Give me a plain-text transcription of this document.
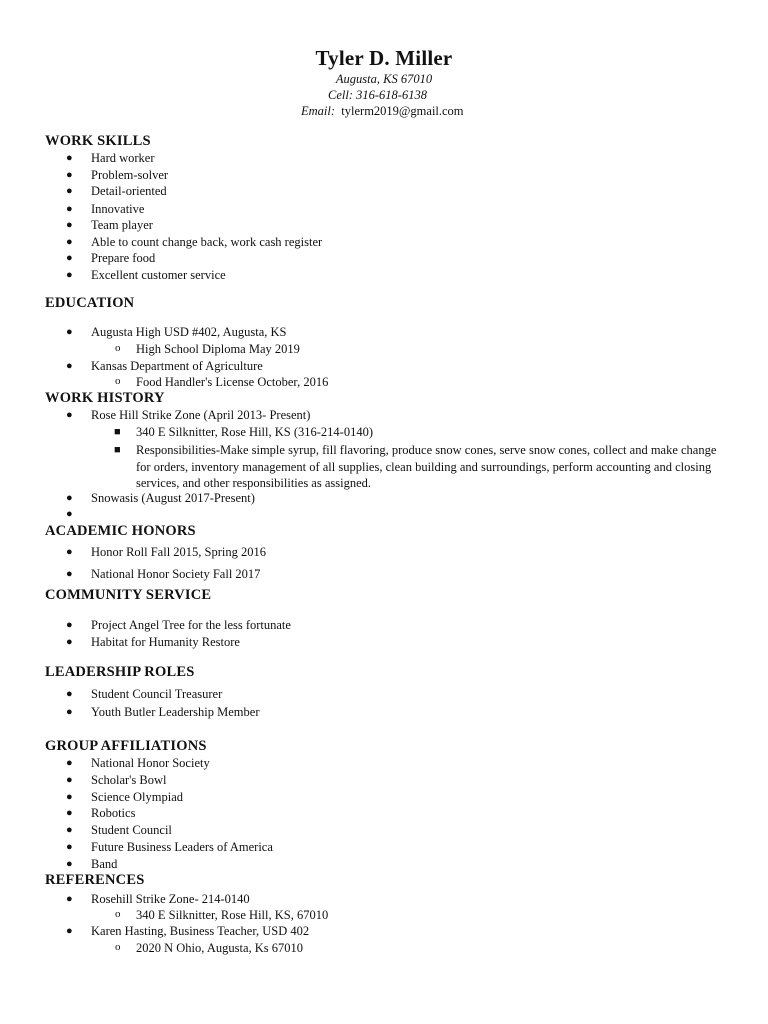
Tyler D. Miller
Augusta, KS 67010
Cell: 316-618-6138
Email: tylerm2019@gmail.com
WORK SKILLS
● Hard worker
● Problem-solver
● Detail-oriented
● Innovative
● Team player
● Able to count change back, work cash register
● Prepare food
● Excellent customer service
EDUCATION
● Augusta High USD #402, Augusta, KS
o High School Diploma May 2019
● Kansas Department of Agriculture
o Food Handler's License October, 2016
WORK HISTORY
● Rose Hill Strike Zone (April 2013- Present)
■ 340 E Silknitter, Rose Hill, KS (316-214-0140)
■ Responsibilities-Make simple syrup, fill flavoring, produce snow cones, serve snow cones, collect and make change for orders, inventory management of all supplies, clean building and surroundings, perform accounting and closing services, and other responsibilities as assigned.
● Snowasis (August 2017-Present)
●
ACADEMIC HONORS
● Honor Roll Fall 2015, Spring 2016
● National Honor Society Fall 2017
COMMUNITY SERVICE
● Project Angel Tree for the less fortunate
● Habitat for Humanity Restore
LEADERSHIP ROLES
● Student Council Treasurer
● Youth Butler Leadership Member
GROUP AFFILIATIONS
● National Honor Society
● Scholar's Bowl
● Science Olympiad
● Robotics
● Student Council
● Future Business Leaders of America
● Band
REFERENCES
● Rosehill Strike Zone- 214-0140
o 340 E Silknitter, Rose Hill, KS, 67010
● Karen Hasting, Business Teacher, USD 402
o 2020 N Ohio, Augusta, Ks 67010
